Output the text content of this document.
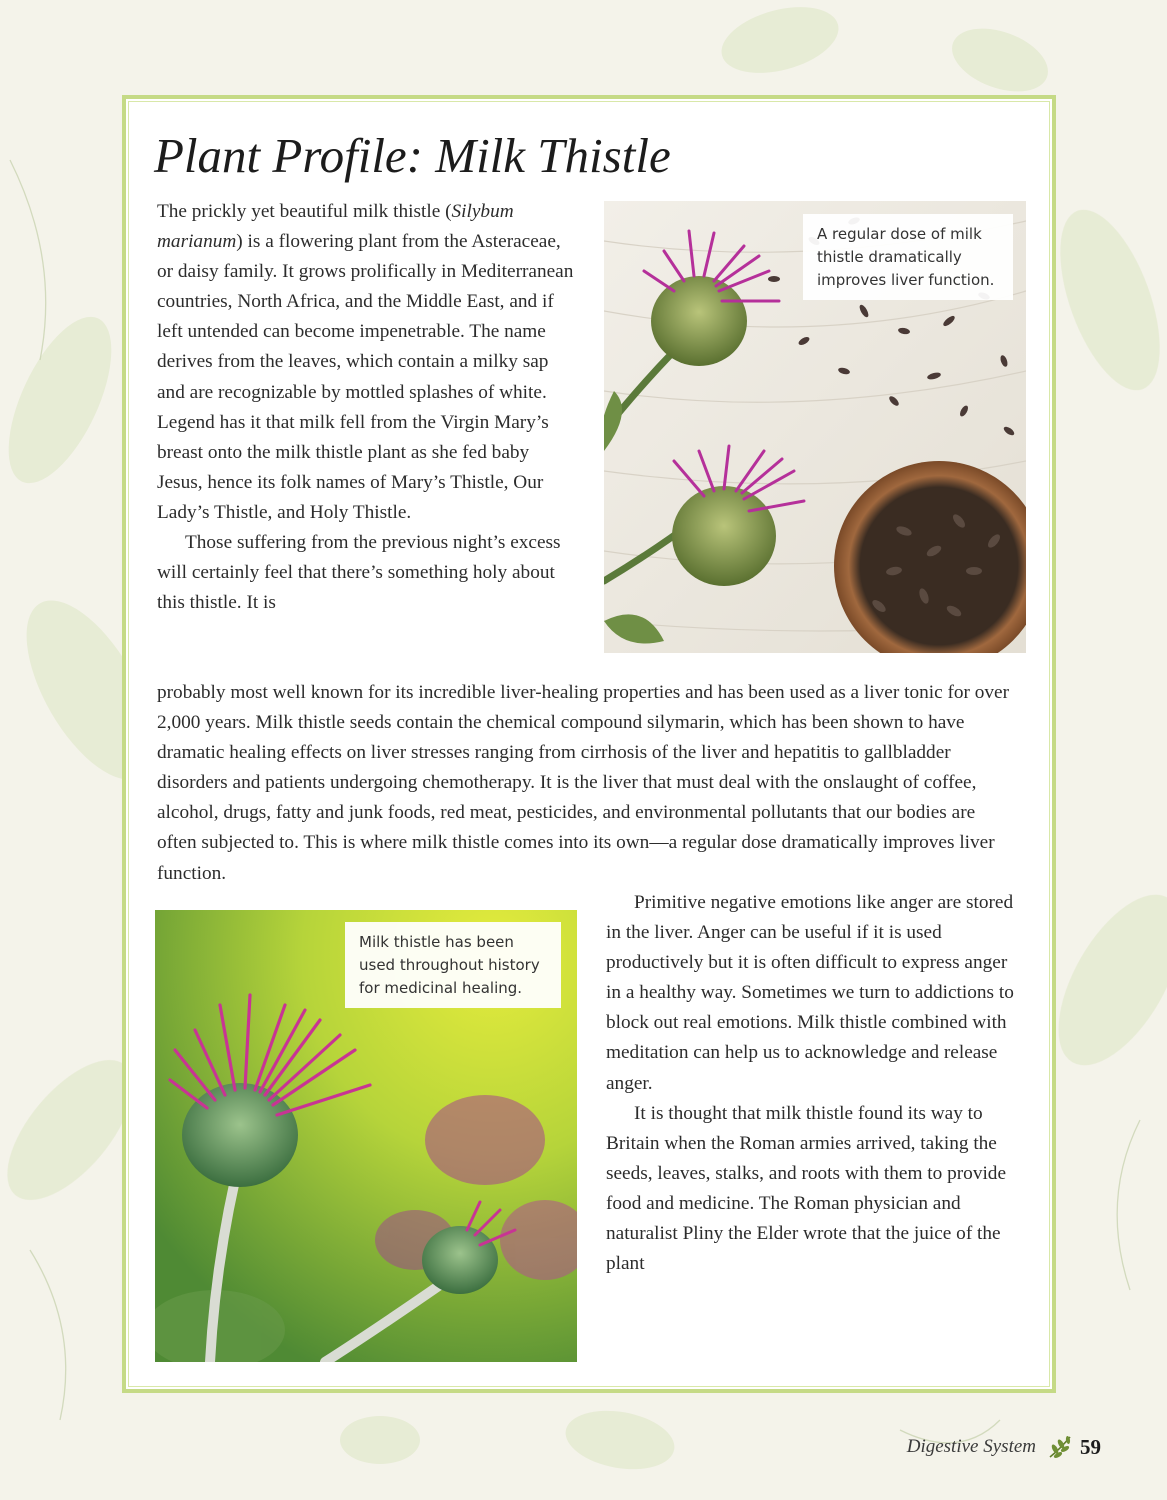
Plant Profile: Milk Thistle

The prickly yet beautiful milk thistle (Silybum marianum) is a flowering plant from the Asteraceae, or daisy family. It grows prolifically in Mediterranean countries, North Africa, and the Middle East, and if left untended can become impenetrable. The name derives from the leaves, which contain a milky sap and are recognizable by mottled splashes of white. Legend has it that milk fell from the Virgin Mary’s breast onto the milk thistle plant as she fed baby Jesus, hence its folk names of Mary’s Thistle, Our Lady’s Thistle, and Holy Thistle.

Those suffering from the previous night’s excess will certainly feel that there’s something holy about this thistle. It is

probably most well known for its incredible liver-healing properties and has been used as a liver tonic for over 2,000 years. Milk thistle seeds contain the chemical compound silymarin, which has been shown to have dramatic healing effects on liver stresses ranging from cirrhosis of the liver and hepatitis to gallbladder disorders and patients undergoing chemotherapy. It is the liver that must deal with the onslaught of coffee, alcohol, drugs, fatty and junk foods, red meat, pesticides, and environmental pollutants that our bodies are often subjected to. This is where milk thistle comes into its own—a regular dose dramatically improves liver function.

Primitive negative emotions like anger are stored in the liver. Anger can be useful if it is used productively but it is often difficult to express anger in a healthy way. Sometimes we turn to addictions to block out real emotions. Milk thistle combined with meditation can help us to acknowledge and release anger.

It is thought that milk thistle found its way to Britain when the Roman armies arrived, taking the seeds, leaves, stalks, and roots with them to provide food and medicine. The Roman physician and naturalist Pliny the Elder wrote that the juice of the plant

A regular dose of milk thistle dramatically improves liver function.
Milk thistle has been used throughout history for medicinal healing.
Digestive System 59
